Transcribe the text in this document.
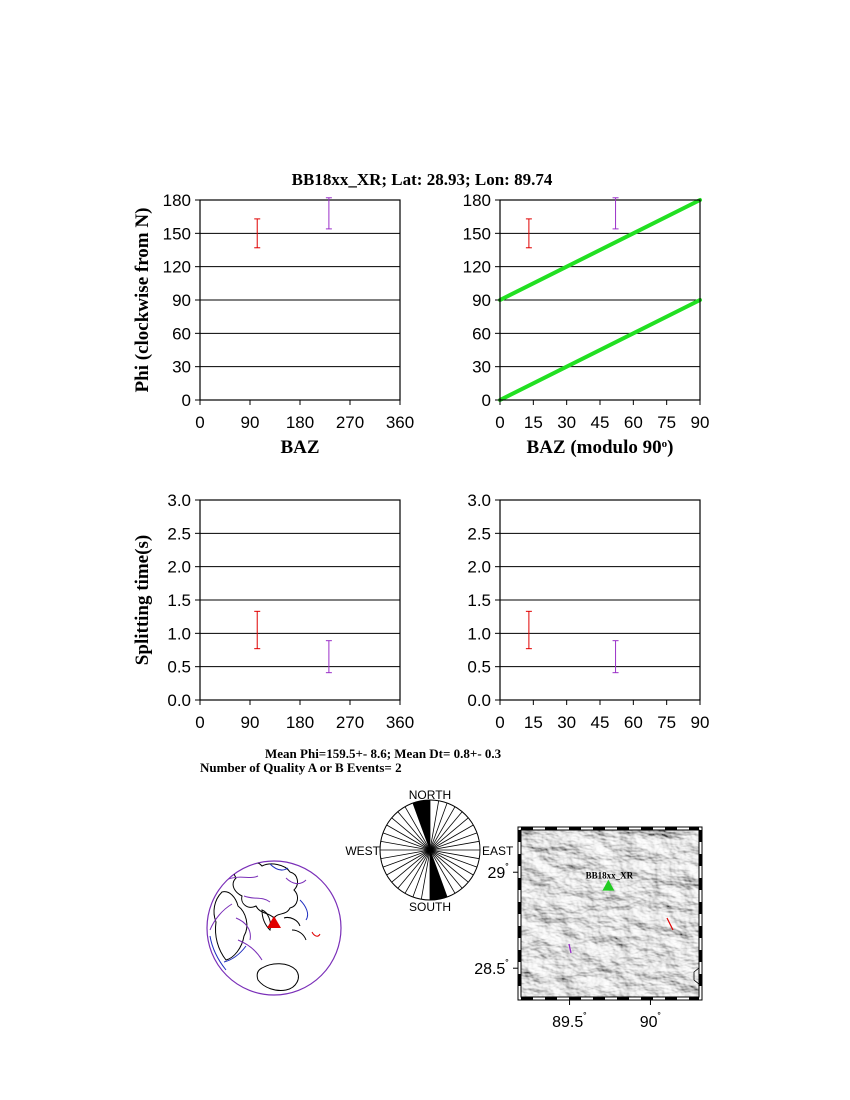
BB18xx_XR; Lat: 28.93; Lon: 89.74
0
30
60
90
120
150
180
0 90 180 270 360
BAZ
Phi (clockwise from N)
0
30
60
90
120
150
180
0 15 30 45 60 75 90
BAZ (modulo 90$^o$)
0.0
0.5
1.0
1.5
2.0
2.5
3.0
0 90 180 270 360
Splitting time(s)
0.0
0.5
1.0
1.5
2.0
2.5
3.0
0 15 30 45 60 75 90
Mean Phi=159.5+- 8.6; Mean Dt= 0.8+- 0.3
Number of Quality A or B Events= 2
NORTH
SOUTH
WEST	EAST
28.5˚
29˚
89.5˚	90˚
BB18xx_XR
